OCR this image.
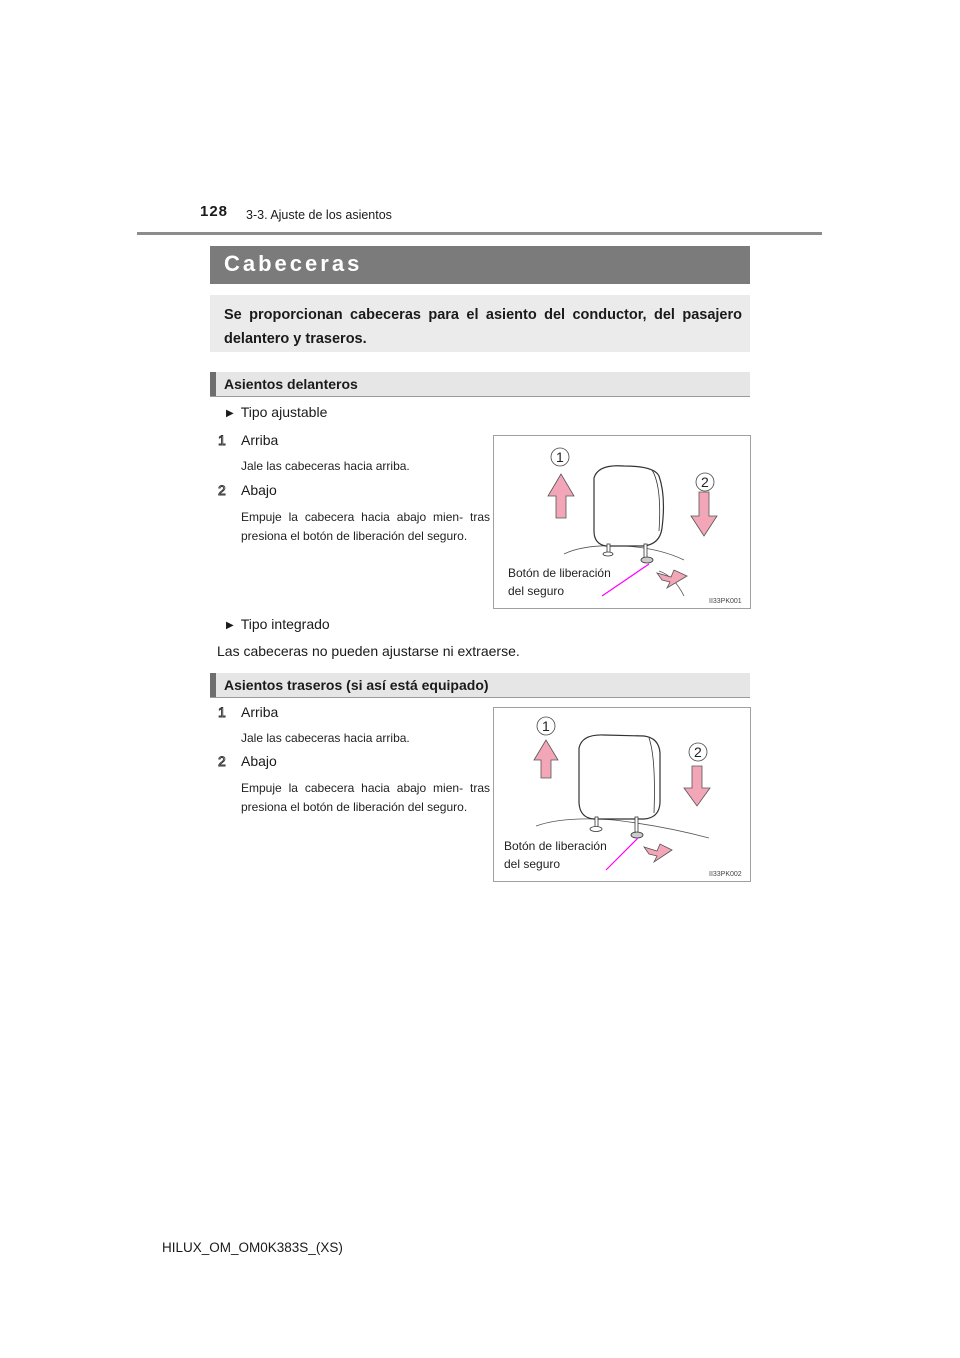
128 3-3. Ajuste de los asientos
Cabeceras
Se proporcionan cabeceras para el asiento del conductor, del pasajero delantero y traseros.
Asientos delanteros
▶ Tipo ajustable
1 Arriba
Jale las cabeceras hacia arriba.
2 Abajo
Empuje la cabecera hacia abajo mien- tras presiona el botón de liberación del seguro.
1
2
Botón de liberación
del seguro
II33PK001
▶ Tipo integrado
Las cabeceras no pueden ajustarse ni extraerse.
Asientos traseros (si así está equipado)
1 Arriba
Jale las cabeceras hacia arriba.
2 Abajo
Empuje la cabecera hacia abajo mien- tras presiona el botón de liberación del seguro.
1
2
Botón de liberación
del seguro
II33PK002
HILUX_OM_OM0K383S_(XS)
